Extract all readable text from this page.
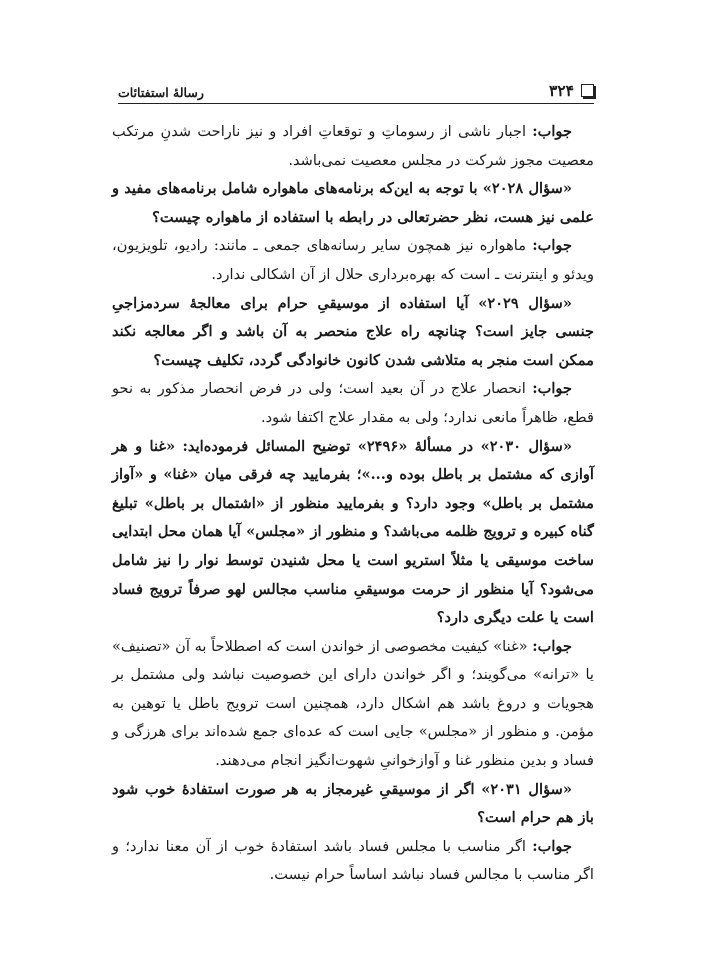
۳۲۴
رسالهٔ استفتائات

جواب: اجبار ناشی از رسوماتِ و توقعاتِ افراد و نیز ناراحت شدنِ مرتکب معصیت مجوز شرکت در مجلس معصیت نمی‌باشد.

«سؤال ۲۰۲۸» با توجه به این‌که برنامه‌های ماهواره شامل برنامه‌های مفید و علمی نیز هست، نظر حضرتعالی در رابطه با استفاده از ماهواره چیست؟

جواب: ماهواره نیز همچون سایر رسانه‌های جمعی ـ مانند: رادیو، تلویزیون، ویدئو و اینترنت ـ است که بهره‌برداری حلال از آن اشکالی ندارد.

«سؤال ۲۰۲۹» آیا استفاده از موسیقیِ حرام برای معالجهٔ سردمزاجیِ جنسی جایز است؟ چنانچه راه علاج منحصر به آن باشد و اگر معالجه نکند ممکن است منجر به متلاشی شدن کانون خانوادگی گردد، تکلیف چیست؟

جواب: انحصار علاج در آن بعید است؛ ولی در فرض انحصار مذکور به نحو قطع، ظاهراً مانعی ندارد؛ ولی به مقدار علاج اکتفا شود.

«سؤال ۲۰۳۰» در مسألهٔ «۲۴۹۶» توضیح المسائل فرموده‌اید: «غنا و هر آوازی که مشتمل بر باطل بوده و...»؛ بفرمایید چه فرقی میان «غنا» و «آواز مشتمل بر باطل» وجود دارد؟ و بفرمایید منظور از «اشتمال بر باطل» تبلیغ گناه کبیره و ترویج ظلمه می‌باشد؟ و منظور از «مجلس» آیا همان محل ابتدایی ساخت موسیقی یا مثلاً استریو است یا محل شنیدن توسط نوار را نیز شامل می‌شود؟ آیا منظور از حرمت موسیقیِ مناسب مجالس لهو صرفاً ترویج فساد است یا علت دیگری دارد؟

جواب: «غنا» کیفیت مخصوصی از خواندن است که اصطلاحاً به آن «تصنیف» یا «ترانه» می‌گویند؛ و اگر خواندن دارای این خصوصیت نباشد ولی مشتمل بر هجویات و دروغ باشد هم اشکال دارد، همچنین است ترویج باطل یا توهین به مؤمن. و منظور از «مجلس» جایی است که عده‌ای جمع شده‌اند برای هرزگی و فساد و بدین منظور غنا و آوازخوانیِ شهوت‌انگیز انجام می‌دهند.

«سؤال ۲۰۳۱» اگر از موسیقیِ غیرمجاز به هر صورت استفادهٔ خوب شود باز هم حرام است؟

جواب: اگر مناسب با مجلس فساد باشد استفادهٔ خوب از آن معنا ندارد؛ و اگر مناسب با مجالس فساد نباشد اساساً حرام نیست.
